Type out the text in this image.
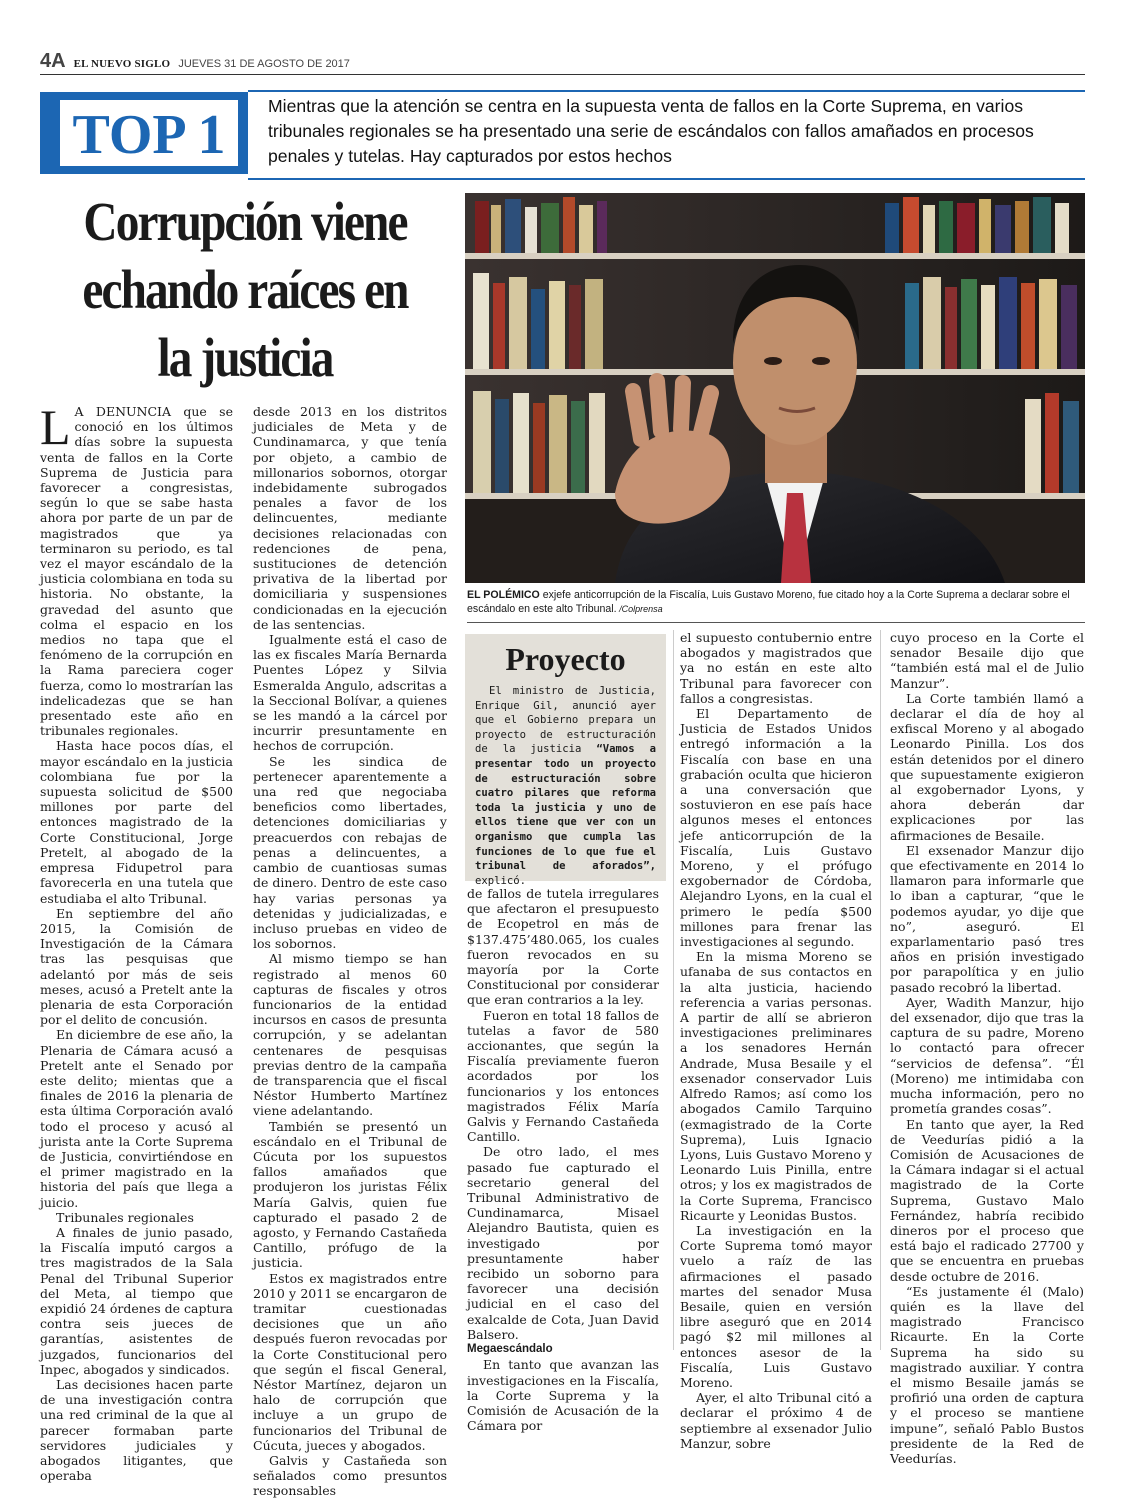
4A EL NUEVO SIGLO JUEVES 31 DE AGOSTO DE 2017
TOP 1	Mientras que la atención se centra en la supuesta venta de fallos en la Corte Suprema, en varios tribunales regionales se ha presentado una serie de escándalos con fallos amañados en procesos penales y tutelas. Hay capturados por estos hechos
Corrupción viene echando raíces en la justicia
EL POLÉMICO exjefe anticorrupción de la Fiscalía, Luis Gustavo Moreno, fue citado hoy a la Corte Suprema a declarar sobre el escándalo en este alto Tribunal. /Colprensa

L A DENUNCIA que se conoció en los últimos días sobre la supuesta venta de fallos en la Corte Suprema de Justicia para favorecer a congresistas, según lo que se sabe hasta ahora por parte de un par de magistrados que ya terminaron su periodo, es tal vez el mayor escándalo de la justicia colombiana en toda su historia. No obstante, la gravedad del asunto que colma el espacio en los medios no tapa que el fenómeno de la corrupción en la Rama pareciera coger fuerza, como lo mostrarían las indelicadezas que se han presentado este año en tribunales regionales.

Hasta hace pocos días, el mayor escándalo en la justicia colombiana fue por la supuesta solicitud de $500 millones por parte del entonces magistrado de la Corte Constitucional, Jorge Pretelt, al abogado de la empresa Fidupetrol para favorecerla en una tutela que estudiaba el alto Tribunal.

En septiembre del año 2015, la Comisión de Investigación de la Cámara tras las pesquisas que adelantó por más de seis meses, acusó a Pretelt ante la plenaria de esta Corporación por el delito de concusión.

En diciembre de ese año, la Plenaria de Cámara acusó a Pretelt ante el Senado por este delito; mientas que a finales de 2016 la plenaria de esta última Corporación avaló todo el proceso y acusó al jurista ante la Corte Suprema de Justicia, convirtiéndose en el primer magistrado en la historia del país que llega a juicio.

Tribunales regionales

A finales de junio pasado, la Fiscalía imputó cargos a tres magistrados de la Sala Penal del Tribunal Superior del Meta, al tiempo que expidió 24 órdenes de captura contra seis jueces de garantías, asistentes de juzgados, funcionarios del Inpec, abogados y sindicados.

Las decisiones hacen parte de una investigación contra una red criminal de la que al parecer formaban parte servidores judiciales y abogados litigantes, que operaba

desde 2013 en los distritos judiciales de Meta y de Cundinamarca, y que tenía por objeto, a cambio de millonarios sobornos, otorgar indebidamente subrogados penales a favor de los delincuentes, mediante decisiones relacionadas con redenciones de pena, sustituciones de detención privativa de la libertad por domiciliaria y suspensiones condicionadas en la ejecución de las sentencias.

Igualmente está el caso de las ex fiscales María Bernarda Puentes López y Silvia Esmeralda Angulo, adscritas a la Seccional Bolívar, a quienes se les mandó a la cárcel por incurrir presuntamente en hechos de corrupción.

Se les sindica de pertenecer aparentemente a una red que negociaba beneficios como libertades, detenciones domiciliarias y preacuerdos con rebajas de penas a delincuentes, a cambio de cuantiosas sumas de dinero. Dentro de este caso hay varias personas ya detenidas y judicializadas, e incluso pruebas en video de los sobornos.

Al mismo tiempo se han registrado al menos 60 capturas de fiscales y otros funcionarios de la entidad incursos en casos de presunta corrupción, y se adelantan centenares de pesquisas previas dentro de la campaña de transparencia que el fiscal Néstor Humberto Martínez viene adelantando.

También se presentó un escándalo en el Tribunal de Cúcuta por los supuestos fallos amañados que produjeron los juristas Félix María Galvis, quien fue capturado el pasado 2 de agosto, y Fernando Castañeda Cantillo, prófugo de la justicia.

Estos ex magistrados entre 2010 y 2011 se encargaron de tramitar cuestionadas decisiones que un año después fueron revocadas por la Corte Constitucional pero que según el fiscal General, Néstor Martínez, dejaron un halo de corrupción que incluye a un grupo de funcionarios del Tribunal de Cúcuta, jueces y abogados.

Galvis y Castañeda son señalados como presuntos responsables

Proyecto

El ministro de Justicia, Enrique Gil, anunció ayer que el Gobierno prepara un proyecto de estructuración de la justicia “Vamos a presentar todo un proyecto de estructuración sobre cuatro pilares que reforma toda la justicia y uno de ellos tiene que ver con un organismo que cumpla las funciones de lo que fue el tribunal de aforados”, explicó.

de fallos de tutela irregulares que afectaron el presupuesto de Ecopetrol en más de $137.475’480.065, los cuales fueron revocados en su mayoría por la Corte Constitucional por considerar que eran contrarios a la ley.

Fueron en total 18 fallos de tutelas a favor de 580 accionantes, que según la Fiscalía previamente fueron acordados por los funcionarios y los entonces magistrados Félix María Galvis y Fernando Castañeda Cantillo.

De otro lado, el mes pasado fue capturado el secretario general del Tribunal Administrativo de Cundinamarca, Misael Alejandro Bautista, quien es investigado por presuntamente haber recibido un soborno para favorecer una decisión judicial en el caso del exalcalde de Cota, Juan David Balsero.

Megaescándalo

En tanto que avanzan las investigaciones en la Fiscalía, la Corte Suprema y la Comisión de Acusación de la Cámara por

el supuesto contubernio entre abogados y magistrados que ya no están en este alto Tribunal para favorecer con fallos a congresistas.

El Departamento de Justicia de Estados Unidos entregó información a la Fiscalía con base en una grabación oculta que hicieron a una conversación que sostuvieron en ese país hace algunos meses el entonces jefe anticorrupción de la Fiscalía, Luis Gustavo Moreno, y el prófugo exgobernador de Córdoba, Alejandro Lyons, en la cual el primero le pedía $500 millones para frenar las investigaciones al segundo.

En la misma Moreno se ufanaba de sus contactos en la alta justicia, haciendo referencia a varias personas. A partir de allí se abrieron investigaciones preliminares a los senadores Hernán Andrade, Musa Besaile y el exsenador conservador Luis Alfredo Ramos; así como los abogados Camilo Tarquino (exmagistrado de la Corte Suprema), Luis Ignacio Lyons, Luis Gustavo Moreno y Leonardo Luis Pinilla, entre otros; y los ex magistrados de la Corte Suprema, Francisco Ricaurte y Leonidas Bustos.

La investigación en la Corte Suprema tomó mayor vuelo a raíz de las afirmaciones el pasado martes del senador Musa Besaile, quien en versión libre aseguró que en 2014 pagó $2 mil millones al entonces asesor de la Fiscalía, Luis Gustavo Moreno.

Ayer, el alto Tribunal citó a declarar el próximo 4 de septiembre al exsenador Julio Manzur, sobre

cuyo proceso en la Corte el senador Besaile dijo que “también está mal el de Julio Manzur”.

La Corte también llamó a declarar el día de hoy al exfiscal Moreno y al abogado Leonardo Pinilla. Los dos están detenidos por el dinero que supuestamente exigieron al exgobernador Lyons, y ahora deberán dar explicaciones por las afirmaciones de Besaile.

El exsenador Manzur dijo que efectivamente en 2014 lo llamaron para informarle que lo iban a capturar, “que le podemos ayudar, yo dije que no”, aseguró. El exparlamentario pasó tres años en prisión investigado por parapolítica y en julio pasado recobró la libertad.

Ayer, Wadith Manzur, hijo del exsenador, dijo que tras la captura de su padre, Moreno lo contactó para ofrecer “servicios de defensa”. “Él (Moreno) me intimidaba con mucha información, pero no prometía grandes cosas”.

En tanto que ayer, la Red de Veedurías pidió a la Comisión de Acusaciones de la Cámara indagar si el actual magistrado de la Corte Suprema, Gustavo Malo Fernández, habría recibido dineros por el proceso que está bajo el radicado 27700 y que se encuentra en pruebas desde octubre de 2016.

“Es justamente él (Malo) quién es la llave del magistrado Francisco Ricaurte. En la Corte Suprema ha sido su magistrado auxiliar. Y contra el mismo Besaile jamás se profirió una orden de captura y el proceso se mantiene impune”, señaló Pablo Bustos presidente de la Red de Veedurías.
